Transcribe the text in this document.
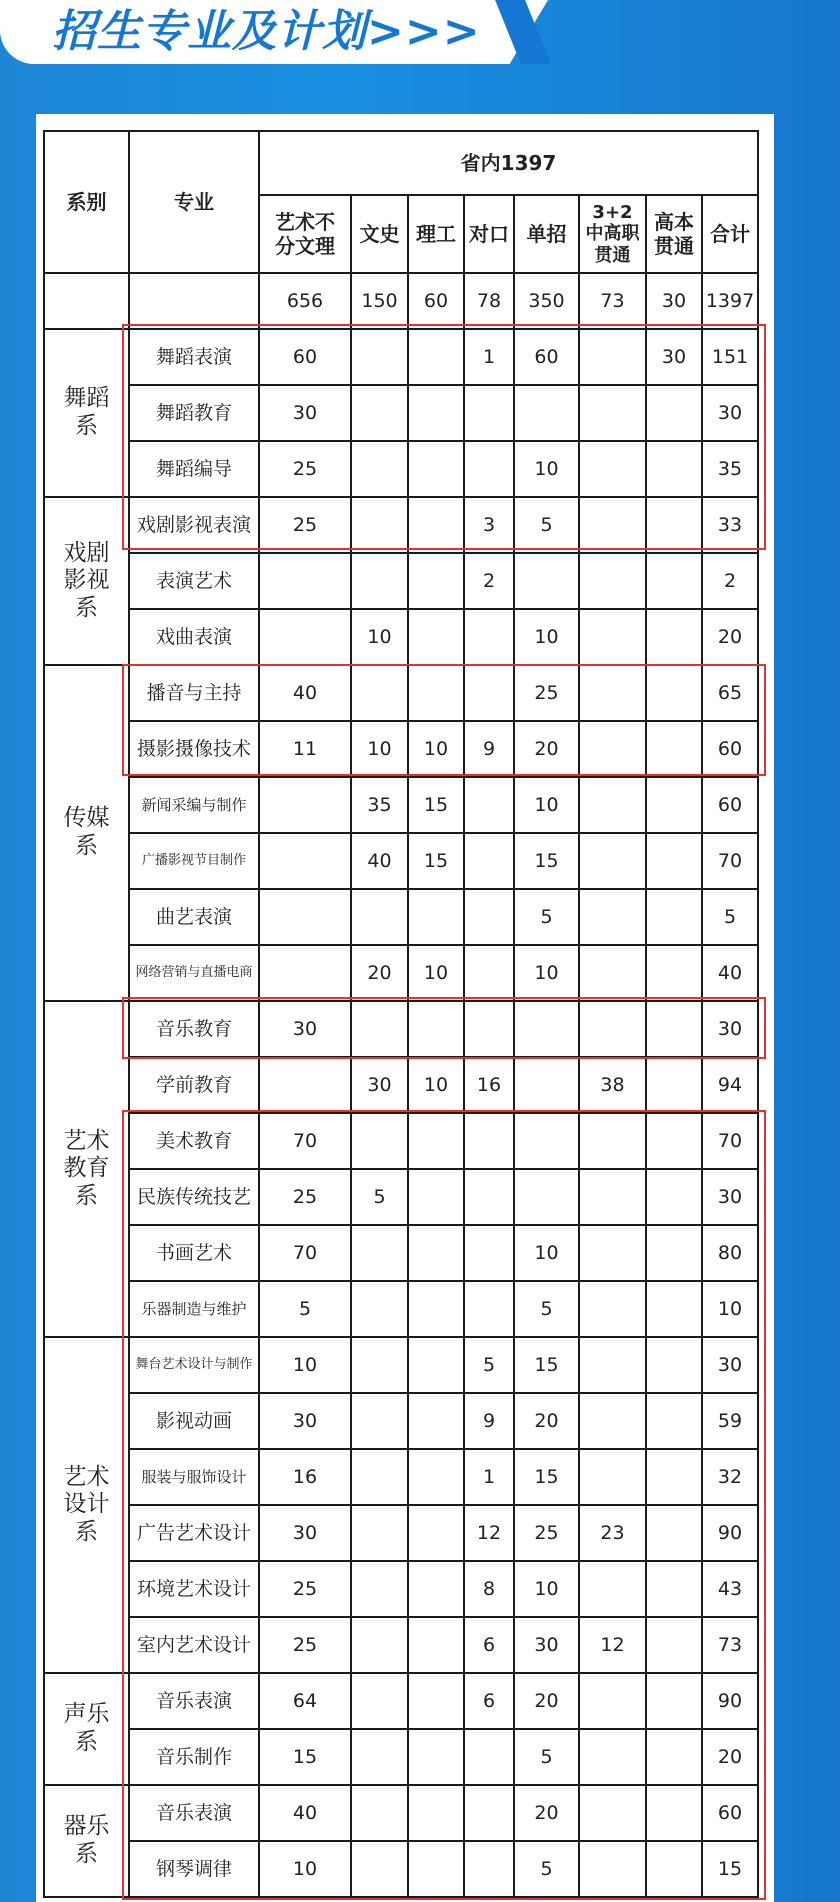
招生专业及计划>>>
系别	专业	省内1397							
		艺术不分文理	文史	理工	对口	单招	3+2中高职贯通	高本贯通	合计
		656	150	60	78	350	73	30	1397
舞蹈系	舞蹈表演	60			1	60		30	151
	舞蹈教育	30							30
	舞蹈编导	25				10			35
戏剧影视系	戏剧影视表演	25			3	5			33
	表演艺术				2				2
	戏曲表演		10			10			20
传媒系	播音与主持	40				25			65
	摄影摄像技术	11	10	10	9	20			60
	新闻采编与制作		35	15		10			60
	广播影视节目制作		40	15		15			70
	曲艺表演					5			5
	网络营销与直播电商		20	10		10			40
艺术教育系	音乐教育	30							30
	学前教育		30	10	16		38		94
	美术教育	70							70
	民族传统技艺	25	5						30
	书画艺术	70				10			80
	乐器制造与维护	5				5			10
艺术设计系	舞台艺术设计与制作	10			5	15			30
	影视动画	30			9	20			59
	服装与服饰设计	16			1	15			32
	广告艺术设计	30			12	25	23		90
	环境艺术设计	25			8	10			43
	室内艺术设计	25			6	30	12		73
声乐系	音乐表演	64			6	20			90
	音乐制作	15				5			20
器乐系	音乐表演	40				20			60
	钢琴调律	10				5			15
